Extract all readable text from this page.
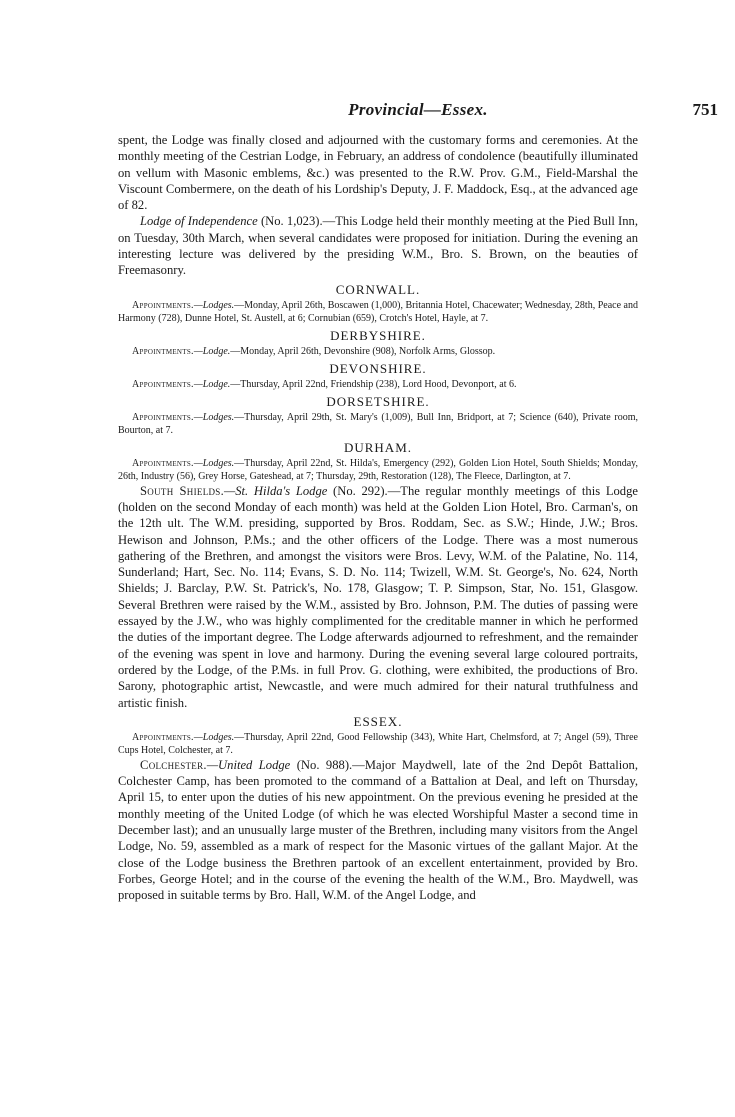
Provincial—Essex.	751

spent, the Lodge was finally closed and adjourned with the customary forms and ceremonies. At the monthly meeting of the Cestrian Lodge, in February, an address of condolence (beautifully illuminated on vellum with Masonic emblems, &c.) was presented to the R.W. Prov. G.M., Field-Marshal the Viscount Combermere, on the death of his Lordship's Deputy, J. F. Maddock, Esq., at the advanced age of 82.

Lodge of Independence (No. 1,023).—This Lodge held their monthly meeting at the Pied Bull Inn, on Tuesday, 30th March, when several candidates were proposed for initiation. During the evening an interesting lecture was delivered by the presiding W.M., Bro. S. Brown, on the beauties of Freemasonry.

CORNWALL.

Appointments.—Lodges.—Monday, April 26th, Boscawen (1,000), Britannia Hotel, Chacewater; Wednesday, 28th, Peace and Harmony (728), Dunne Hotel, St. Austell, at 6; Cornubian (659), Crotch's Hotel, Hayle, at 7.

DERBYSHIRE.

Appointments.—Lodge.—Monday, April 26th, Devonshire (908), Norfolk Arms, Glossop.

DEVONSHIRE.

Appointments.—Lodge.—Thursday, April 22nd, Friendship (238), Lord Hood, Devonport, at 6.

DORSETSHIRE.

Appointments.—Lodges.—Thursday, April 29th, St. Mary's (1,009), Bull Inn, Bridport, at 7; Science (640), Private room, Bourton, at 7.

DURHAM.

Appointments.—Lodges.—Thursday, April 22nd, St. Hilda's, Emergency (292), Golden Lion Hotel, South Shields; Monday, 26th, Industry (56), Grey Horse, Gateshead, at 7; Thursday, 29th, Restoration (128), The Fleece, Darlington, at 7.

South Shields.—St. Hilda's Lodge (No. 292).—The regular monthly meetings of this Lodge (holden on the second Monday of each month) was held at the Golden Lion Hotel, Bro. Carman's, on the 12th ult. The W.M. presiding, supported by Bros. Roddam, Sec. as S.W.; Hinde, J.W.; Bros. Hewison and Johnson, P.Ms.; and the other officers of the Lodge. There was a most numerous gathering of the Brethren, and amongst the visitors were Bros. Levy, W.M. of the Palatine, No. 114, Sunderland; Hart, Sec. No. 114; Evans, S. D. No. 114; Twizell, W.M. St. George's, No. 624, North Shields; J. Barclay, P.W. St. Patrick's, No. 178, Glasgow; T. P. Simpson, Star, No. 151, Glasgow. Several Brethren were raised by the W.M., assisted by Bro. Johnson, P.M. The duties of passing were essayed by the J.W., who was highly complimented for the creditable manner in which he performed the duties of the important degree. The Lodge afterwards adjourned to refreshment, and the remainder of the evening was spent in love and harmony. During the evening several large coloured portraits, ordered by the Lodge, of the P.Ms. in full Prov. G. clothing, were exhibited, the productions of Bro. Sarony, photographic artist, Newcastle, and were much admired for their natural truthfulness and artistic finish.

ESSEX.

Appointments.—Lodges.—Thursday, April 22nd, Good Fellowship (343), White Hart, Chelmsford, at 7; Angel (59), Three Cups Hotel, Colchester, at 7.

Colchester.—United Lodge (No. 988).—Major Maydwell, late of the 2nd Depôt Battalion, Colchester Camp, has been promoted to the command of a Battalion at Deal, and left on Thursday, April 15, to enter upon the duties of his new appointment. On the previous evening he presided at the monthly meeting of the United Lodge (of which he was elected Worshipful Master a second time in December last); and an unusually large muster of the Brethren, including many visitors from the Angel Lodge, No. 59, assembled as a mark of respect for the Masonic virtues of the gallant Major. At the close of the Lodge business the Brethren partook of an excellent entertainment, provided by Bro. Forbes, George Hotel; and in the course of the evening the health of the W.M., Bro. Maydwell, was proposed in suitable terms by Bro. Hall, W.M. of the Angel Lodge, and
